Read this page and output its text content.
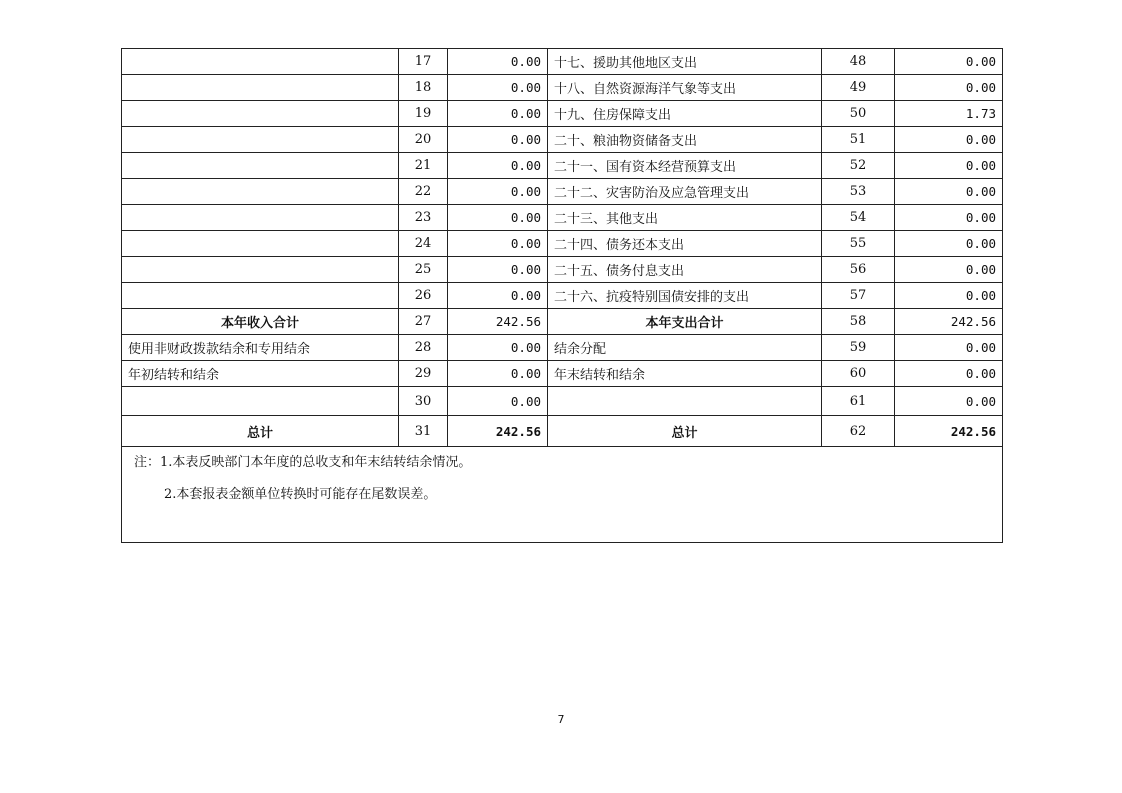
	17	0.00	十七、援助其他地区支出	48	0.00
	18	0.00	十八、自然资源海洋气象等支出	49	0.00
	19	0.00	十九、住房保障支出	50	1.73
	20	0.00	二十、粮油物资储备支出	51	0.00
	21	0.00	二十一、国有资本经营预算支出	52	0.00
	22	0.00	二十二、灾害防治及应急管理支出	53	0.00
	23	0.00	二十三、其他支出	54	0.00
	24	0.00	二十四、债务还本支出	55	0.00
	25	0.00	二十五、债务付息支出	56	0.00
	26	0.00	二十六、抗疫特别国债安排的支出	57	0.00
本年收入合计	27	242.56	本年支出合计	58	242.56
使用非财政拨款结余和专用结余	28	0.00	结余分配	59	0.00
年初结转和结余	29	0.00	年末结转和结余	60	0.00
	30	0.00		61	0.00
总计	31	242.56	总计	62	242.56

注：1.本表反映部门本年度的总收支和年末结转结余情况。
2.本套报表金额单位转换时可能存在尾数误差。					
7
